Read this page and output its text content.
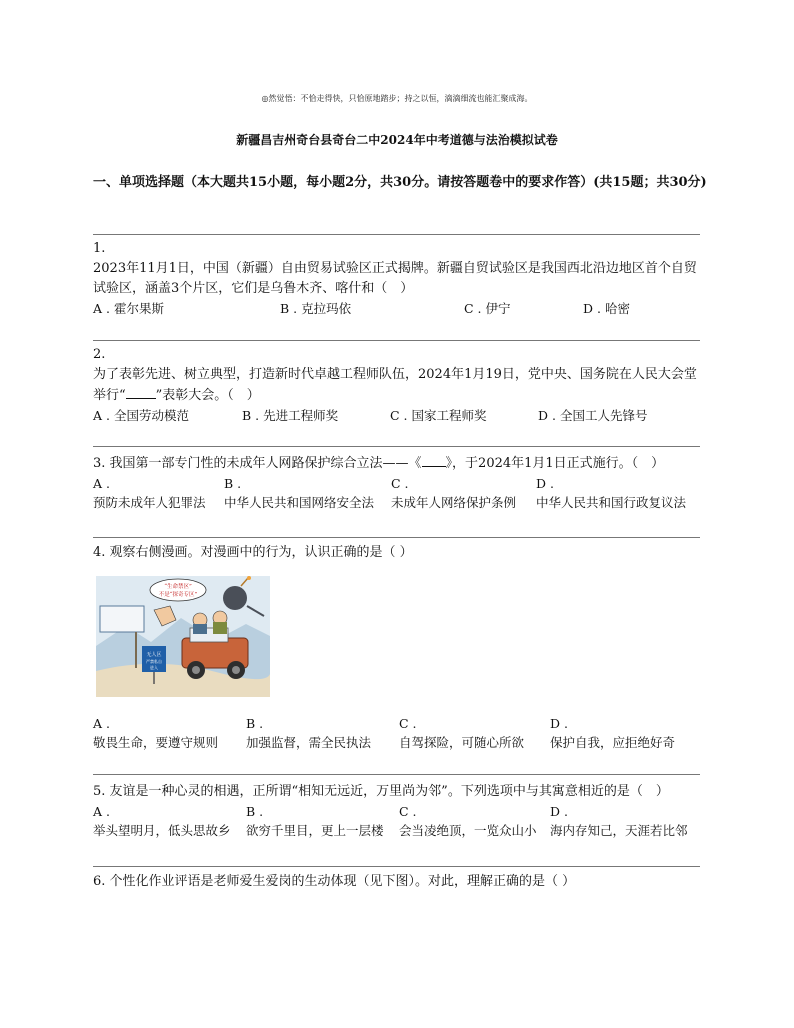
◎然觉悟：不恰走得快，只恰原地踏步；持之以恒，滴滴细流也能汇聚成海。
新疆昌吉州奇台县奇台二中2024年中考道德与法治模拟试卷
一、单项选择题（本大题共15小题，每小题2分，共30分。请按答题卷中的要求作答）(共15题；共30分)

1.

2023年11月1日，中国（新疆）自由贸易试验区正式揭牌。新疆自贸试验区是我国西北沿边地区首个自贸试验区，涵盖3个片区，它们是乌鲁木齐、喀什和（　）

A . 霍尔果斯	B . 克拉玛依	C . 伊宁	D . 哈密

2.

为了表彰先进、树立典型，打造新时代卓越工程师队伍，2024年1月19日，党中央、国务院在人民大会堂举行“ ”表彰大会。（　）

A . 全国劳动模范	B . 先进工程师奖	C . 国家工程师奖	D . 全国工人先锋号

3. 我国第一部专门性的未成年人网路保护综合立法——《 》，于2024年1月1日正式施行。（　）

A .
预防未成年人犯罪法
B .
中华人民共和国网络安全法
C .
未成年人网络保护条例
D .
中华人民共和国行政复议法

4. 观察右侧漫画。对漫画中的行为，认识正确的是（ ）

“生命禁区”
不是“探奇专区”
无人区
严禁私自
进入
A .
敬畏生命，要遵守规则
B .
加强监督，需全民执法
C .
自驾探险，可随心所欲
D .
保护自我，应拒绝好奇

5. 友谊是一种心灵的相遇，正所谓“相知无远近，万里尚为邻”。下列选项中与其寓意相近的是（　）

A .
举头望明月，低头思故乡
B .
欲穷千里目，更上一层楼
C .
会当凌绝顶，一览众山小
D .
海内存知己，天涯若比邻

6. 个性化作业评语是老师爱生爱岗的生动体现（见下图）。对此，理解正确的是（ ）
